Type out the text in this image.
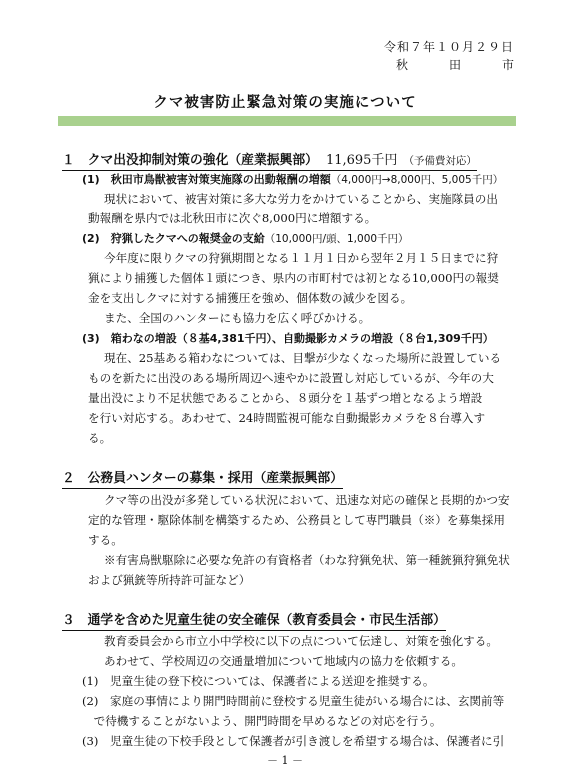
令和７年１０月２９日
秋	田	市
クマ被害防止緊急対策の実施について
１　クマ出没抑制対策の強化（産業振興部） 11,695千円 （予備費対応）
(1)　秋田市鳥獣被害対策実施隊の出動報酬の増額（4,000円→8,000円、5,005千円）
現状において、被害対策に多大な労力をかけていることから、実施隊員の出
動報酬を県内では北秋田市に次ぐ8,000円に増額する。
(2)　狩猟したクマへの報奨金の支給（10,000円/頭、1,000千円）
今年度に限りクマの狩猟期間となる１１月１日から翌年２月１５日までに狩
猟により捕獲した個体１頭につき、県内の市町村では初となる10,000円の報奨
金を支出しクマに対する捕獲圧を強め、個体数の減少を図る。
また、全国のハンターにも協力を広く呼びかける。
(3)　箱わなの増設（８基4,381千円）、自動撮影カメラの増設（８台1,309千円）
現在、25基ある箱わなについては、目撃が少なくなった場所に設置している
ものを新たに出没のある場所周辺へ速やかに設置し対応しているが、今年の大
量出没により不足状態であることから、８頭分を１基ずつ増となるよう増設
を行い対応する。あわせて、24時間監視可能な自動撮影カメラを８台導入す
る。
２　公務員ハンターの募集・採用（産業振興部）
クマ等の出没が多発している状況において、迅速な対応の確保と長期的かつ安
定的な管理・駆除体制を構築するため、公務員として専門職員（※）を募集採用
する。
※有害鳥獣駆除に必要な免許の有資格者（わな狩猟免状、第一種銃猟狩猟免状
および猟銃等所持許可証など）
３　通学を含めた児童生徒の安全確保（教育委員会・市民生活部）
教育委員会から市立小中学校に以下の点について伝達し、対策を強化する。
あわせて、学校周辺の交通量増加について地域内の協力を依頼する。
(1)　児童生徒の登下校については、保護者による送迎を推奨する。
(2)　家庭の事情により開門時間前に登校する児童生徒がいる場合には、玄関前等
　で待機することがないよう、開門時間を早めるなどの対応を行う。
(3)　児童生徒の下校手段として保護者が引き渡しを希望する場合は、保護者に引
－ 1 －
